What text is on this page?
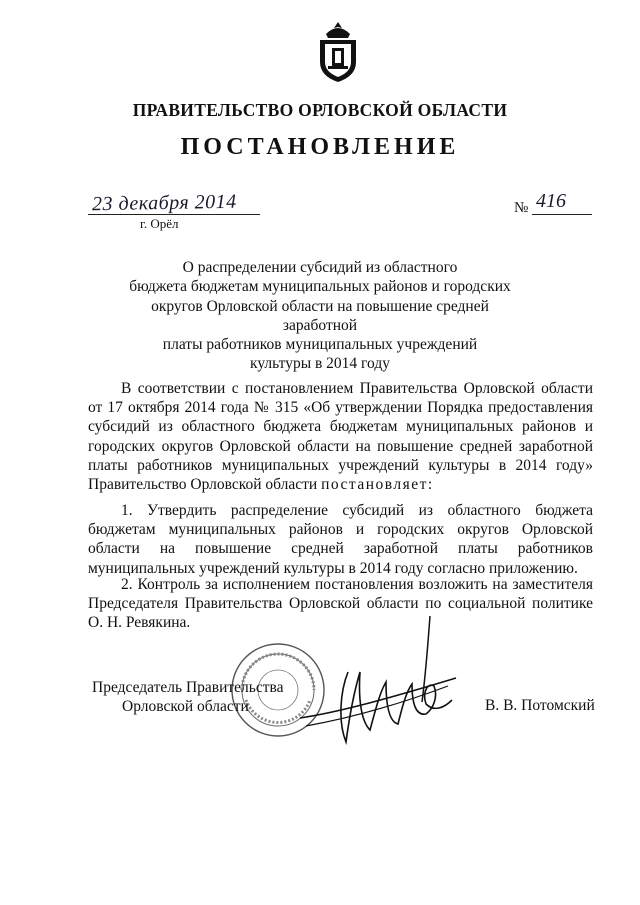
ПРАВИТЕЛЬСТВО ОРЛОВСКОЙ ОБЛАСТИ
ПОСТАНОВЛЕНИЕ
23 декабря 2014
г. Орёл
№ 416
О распределении субсидий из областного
бюджета бюджетам муниципальных районов и городских
округов Орловской области на повышение средней заработной
платы работников муниципальных учреждений
культуры в 2014 году
В соответствии с постановлением Правительства Орловской области от 17 октября 2014 года № 315 «Об утверждении Порядка предоставления субсидий из областного бюджета бюджетам муниципальных районов и городских округов Орловской области на повышение средней заработной платы работников муниципальных учреждений культуры в 2014 году» Правительство Орловской области постановляет:
1. Утвердить распределение субсидий из областного бюджета бюджетам муниципальных районов и городских округов Орловской области на повышение средней заработной платы работников муниципальных учреждений культуры в 2014 году согласно приложению.
2. Контроль за исполнением постановления возложить на заместителя Председателя Правительства Орловской области по социальной политике О. Н. Ревякина.
Председатель Правительства
Орловской области	В. В. Потомский
